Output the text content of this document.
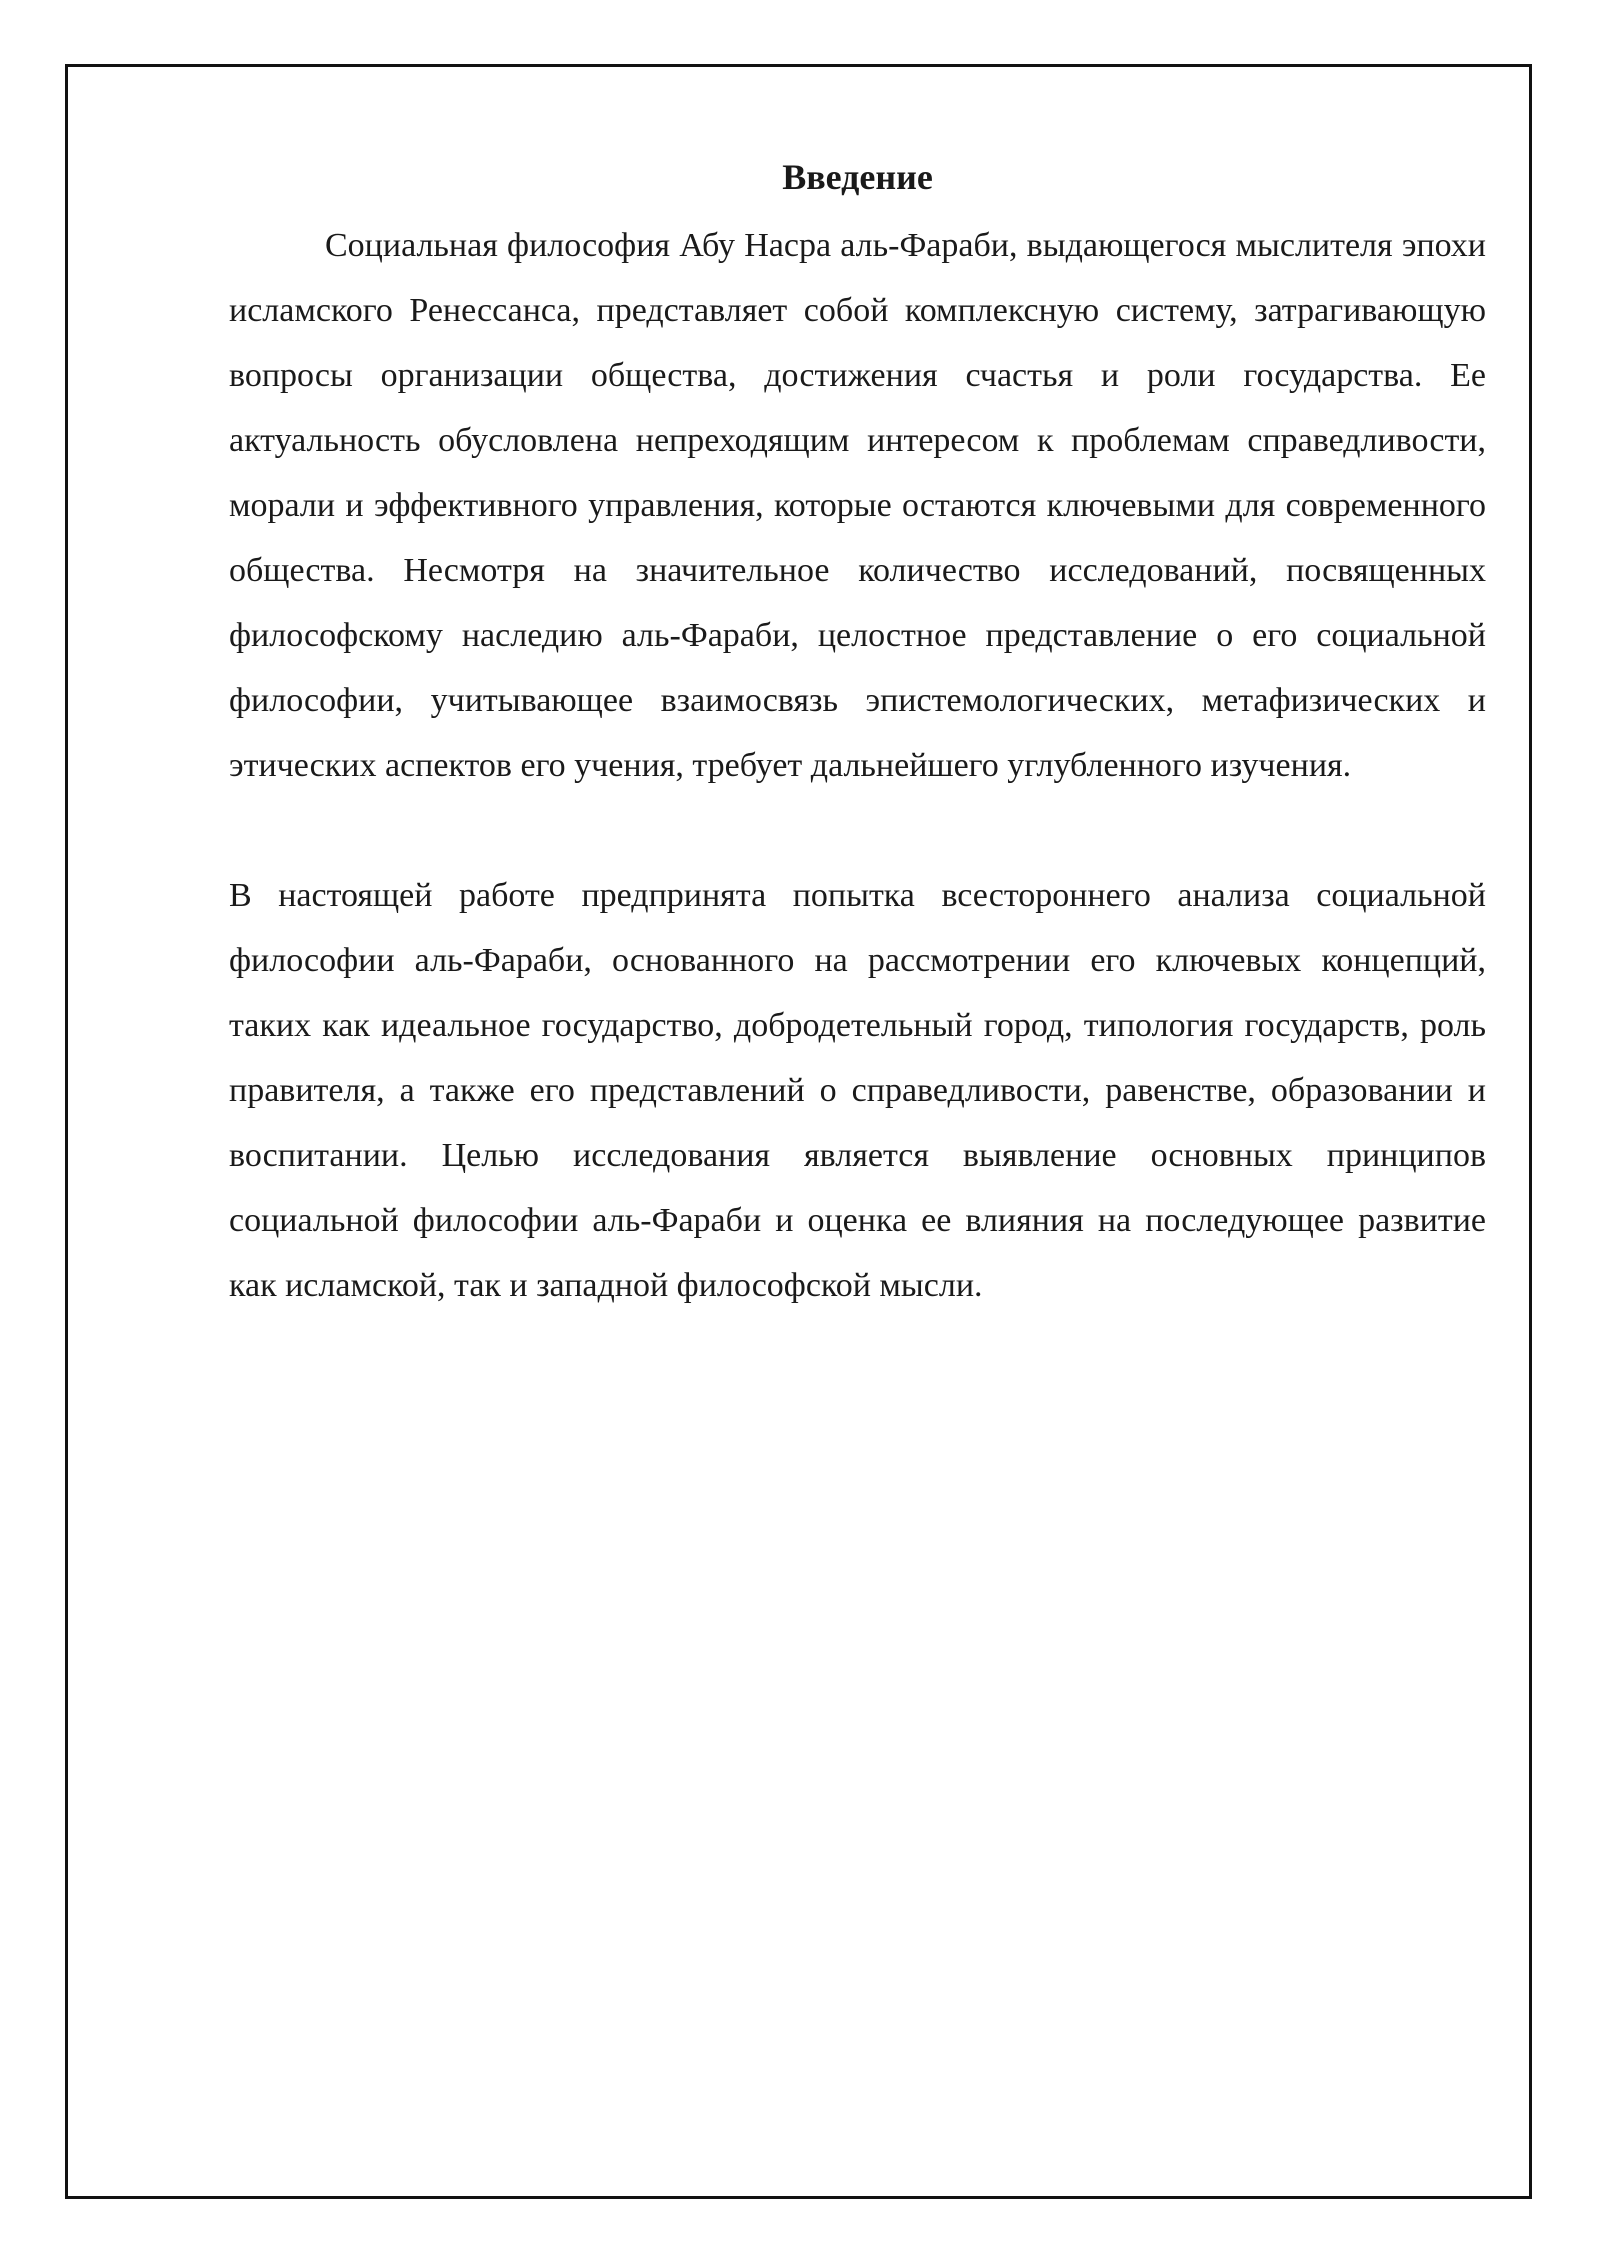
Введение

Социальная философия Абу Насра аль-Фараби, выдающегося мыслителя эпохи исламского Ренессанса, представляет собой комплексную систему, затрагивающую вопросы организации общества, достижения счастья и роли государства. Ее актуальность обусловлена непреходящим интересом к проблемам справедливости, морали и эффективного управления, которые остаются ключевыми для современного общества. Несмотря на значительное количество исследований, посвященных философскому наследию аль-Фараби, целостное представление о его социальной философии, учитывающее взаимосвязь эпистемологических, метафизических и этических аспектов его учения, требует дальнейшего углубленного изучения.

В настоящей работе предпринята попытка всестороннего анализа социальной философии аль-Фараби, основанного на рассмотрении его ключевых концепций, таких как идеальное государство, добродетельный город, типология государств, роль правителя, а также его представлений о справедливости, равенстве, образовании и воспитании. Целью исследования является выявление основных принципов социальной философии аль-Фараби и оценка ее влияния на последующее развитие как исламской, так и западной философской мысли.
